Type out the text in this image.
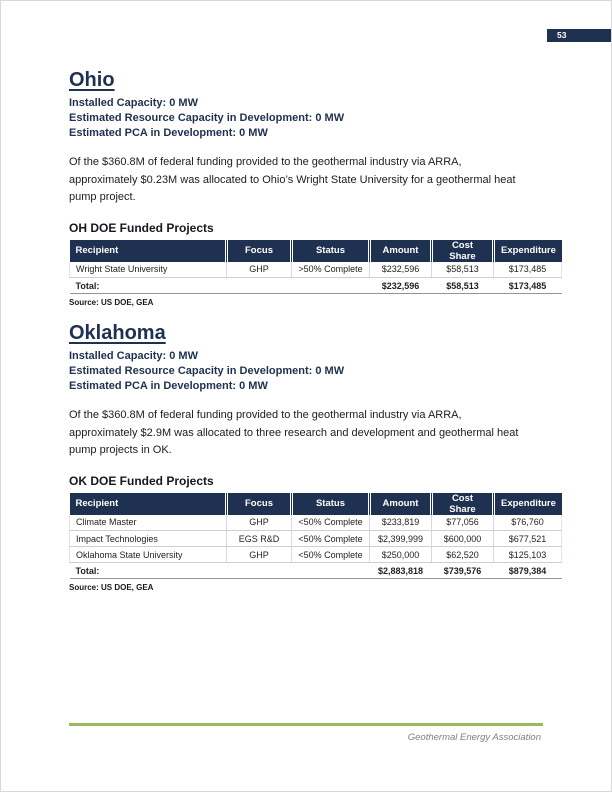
53
Ohio
Installed Capacity: 0 MW
Estimated Resource Capacity in Development: 0 MW
Estimated PCA in Development: 0 MW

Of the $360.8M of federal funding provided to the geothermal industry via ARRA, approximately $0.23M was allocated to Ohio’s Wright State University for a geothermal heat pump project.

OH DOE Funded Projects
Recipient	Focus	Status	Amount	Cost Share	Expenditure
Wright State University	GHP	>50% Complete	$232,596	$58,513	$173,485
Total:			$232,596	$58,513	$173,485
Source: US DOE, GEA
Oklahoma
Installed Capacity: 0 MW
Estimated Resource Capacity in Development: 0 MW
Estimated PCA in Development: 0 MW

Of the $360.8M of federal funding provided to the geothermal industry via ARRA, approximately $2.9M was allocated to three research and development and geothermal heat pump projects in OK.

OK DOE Funded Projects
Recipient	Focus	Status	Amount	Cost Share	Expenditure
Climate Master	GHP	<50% Complete	$233,819	$77,056	$76,760
Impact Technologies	EGS R&D	<50% Complete	$2,399,999	$600,000	$677,521
Oklahoma State University	GHP	<50% Complete	$250,000	$62,520	$125,103
Total:			$2,883,818	$739,576	$879,384
Source: US DOE, GEA
Geothermal Energy Association
